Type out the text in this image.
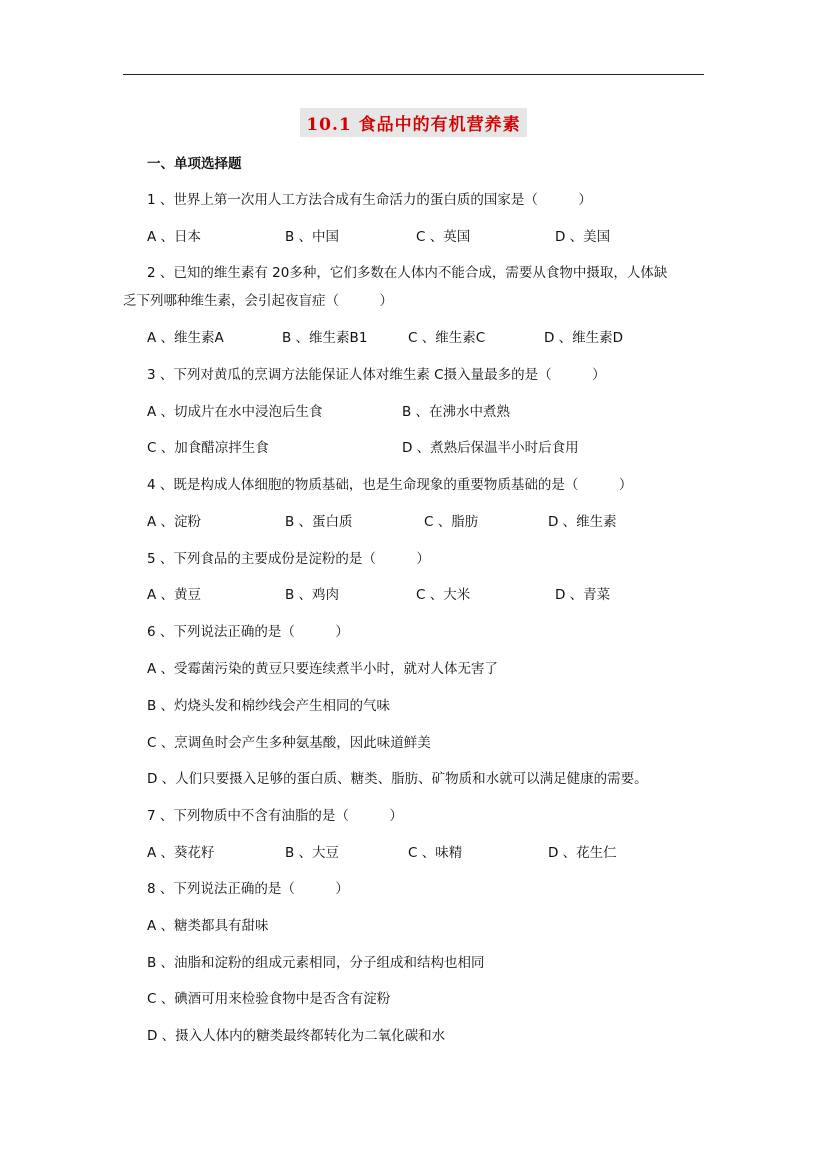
10.1 食品中的有机营养素
一、单项选择题
1 、世界上第一次用人工方法合成有生命活力的蛋白质的国家是（　　　）
A 、日本	B 、中国	C 、英国	D 、美国
2 、已知的维生素有 20多种，它们多数在人体内不能合成，需要从食物中摄取，人体缺
乏下列哪种维生素，会引起夜盲症（　　　）
A 、维生素A	B 、维生素B1	C 、维生素C	D 、维生素D
3 、下列对黄瓜的烹调方法能保证人体对维生素 C摄入量最多的是（　　　）
A 、切成片在水中浸泡后生食	B 、在沸水中煮熟
C 、加食醋凉拌生食	D 、煮熟后保温半小时后食用
4 、既是构成人体细胞的物质基础，也是生命现象的重要物质基础的是（　　　）
A 、淀粉	B 、蛋白质	C 、脂肪	D 、维生素
5 、下列食品的主要成份是淀粉的是（　　　）
A 、黄豆	B 、鸡肉	C 、大米	D 、青菜
6 、下列说法正确的是（　　　）
A 、受霉菌污染的黄豆只要连续煮半小时，就对人体无害了
B 、灼烧头发和棉纱线会产生相同的气味
C 、烹调鱼时会产生多种氨基酸，因此味道鲜美
D 、人们只要摄入足够的蛋白质、糖类、脂肪、矿物质和水就可以满足健康的需要。
7 、下列物质中不含有油脂的是（　　　）
A 、葵花籽	B 、大豆	C 、味精	D 、花生仁
8 、下列说法正确的是（　　　）
A 、糖类都具有甜味
B 、油脂和淀粉的组成元素相同，分子组成和结构也相同
C 、碘酒可用来检验食物中是否含有淀粉
D 、摄入人体内的糖类最终都转化为二氧化碳和水
